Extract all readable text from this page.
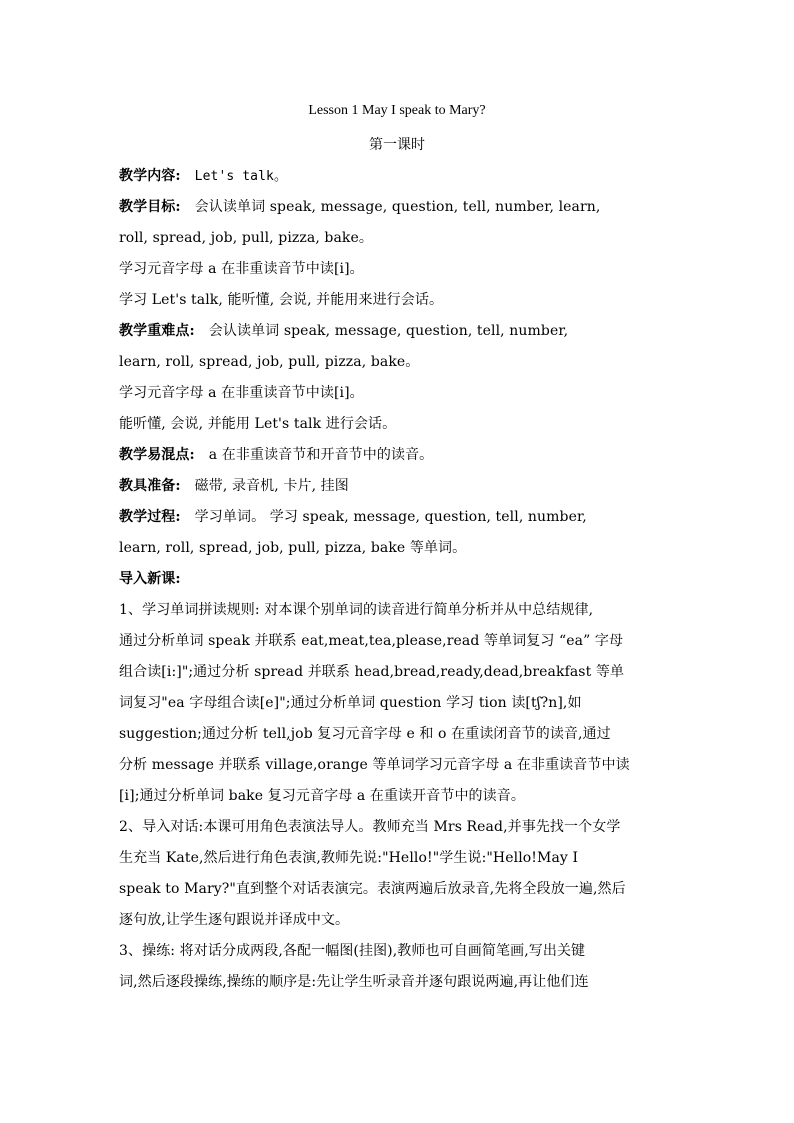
Lesson 1 May I speak to Mary?
第一课时
教学内容: Let's talk。
教学目标: 会认读单词 speak, message, question, tell, number, learn,
roll, spread, job, pull, pizza, bake。
学习元音字母 a 在非重读音节中读[i]。
学习 Let's talk, 能听懂, 会说, 并能用来进行会话。
教学重难点: 会认读单词 speak, message, question, tell, number,
learn, roll, spread, job, pull, pizza, bake。
学习元音字母 a 在非重读音节中读[i]。
能听懂, 会说, 并能用 Let's talk 进行会话。
教学易混点: a 在非重读音节和开音节中的读音。
教具准备: 磁带, 录音机, 卡片, 挂图
教学过程: 学习单词。 学习 speak, message, question, tell, number,
learn, roll, spread, job, pull, pizza, bake 等单词。
导入新课:
1、学习单词拼读规则: 对本课个别单词的读音进行简单分析并从中总结规律,
通过分析单词 speak 并联系 eat,meat,tea,please,read 等单词复习 “ea” 字母
组合读[i:]";通过分析 spread 并联系 head,bread,ready,dead,breakfast 等单
词复习"ea 字母组合读[e]";通过分析单词 question 学习 tion 读[tʃ?n],如
suggestion;通过分析 tell,job 复习元音字母 e 和 o 在重读闭音节的读音,通过
分析 message 并联系 village,orange 等单词学习元音字母 a 在非重读音节中读
[i];通过分析单词 bake 复习元音字母 a 在重读开音节中的读音。
2、导入对话:本课可用角色表演法导人。教师充当 Mrs Read,并事先找一个女学
生充当 Kate,然后进行角色表演,教师先说:"Hello!"学生说:"Hello!May I
speak to Mary?"直到整个对话表演完。表演两遍后放录音,先将全段放一遍,然后
逐句放,让学生逐句跟说并译成中文。
3、操练: 将对话分成两段,各配一幅图(挂图),教师也可自画简笔画,写出关键
词,然后逐段操练,操练的顺序是:先让学生听录音并逐句跟说两遍,再让他们连
